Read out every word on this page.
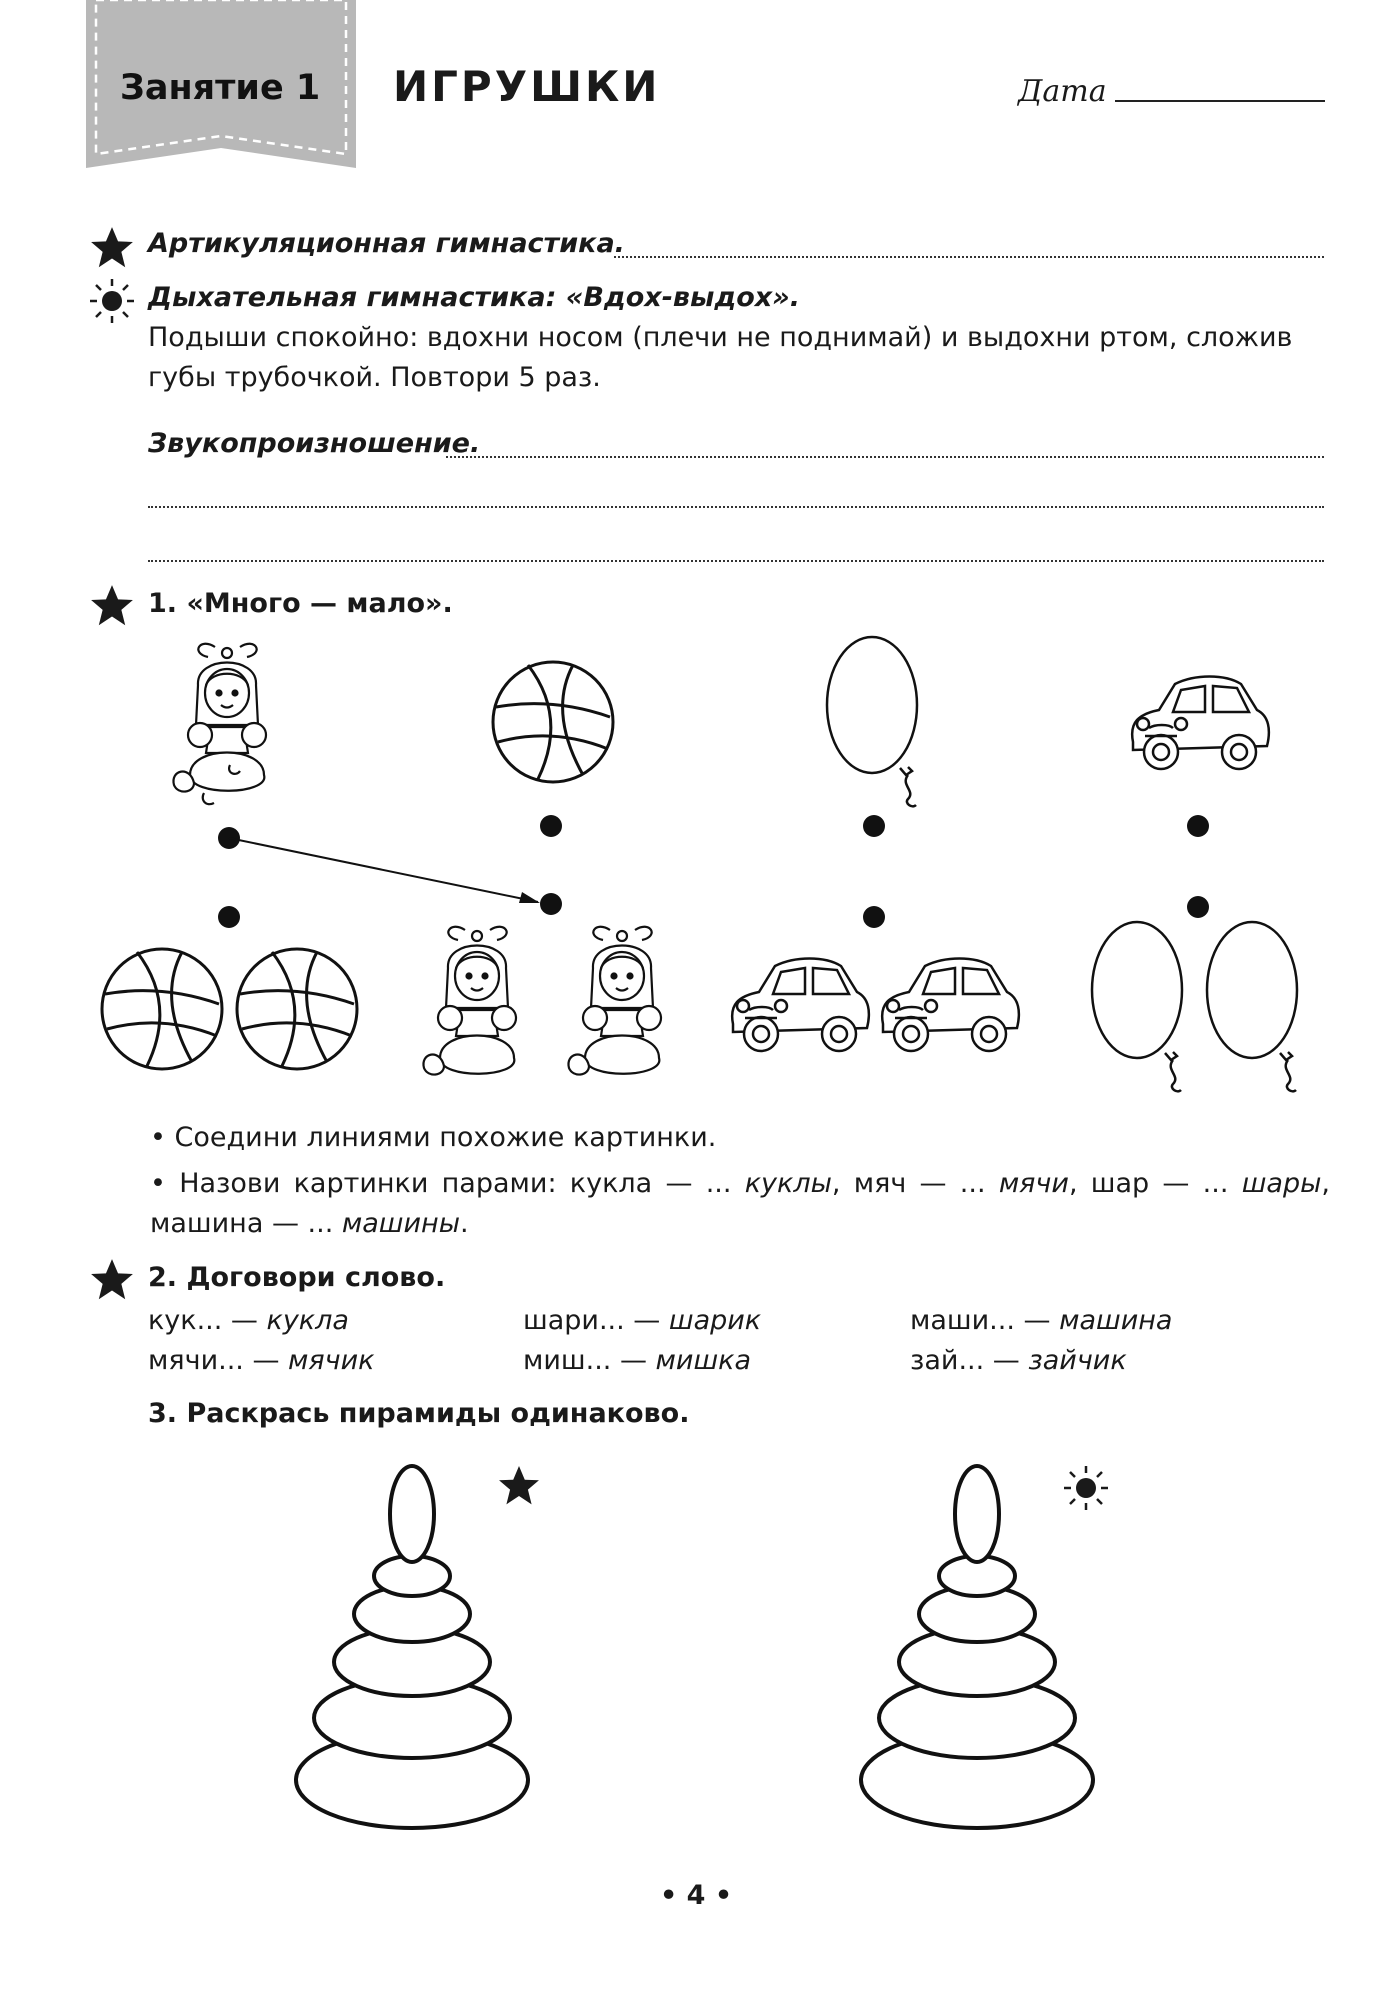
Занятие 1 ИГРУШКИ	Дата
Артикуляционная гимнастика.
Дыхательная гимнастика: «Вдох-выдох».
Подыши спокойно: вдохни носом (плечи не поднимай) и выдохни ртом, сложив губы трубочкой. Повтори 5 раз.
Звукопроизношение.
1. «Много — мало».
• Соедини линиями похожие картинки.
• Назови картинки парами: кукла — ... куклы, мяч — ... мячи, шар — ... шары, машина — ... машины.
2. Договори слово.
кук... — кукла	шари... — шарик	маши... — машина
мячи... — мячик	миш... — мишка	зай... — зайчик
3. Раскрась пирамиды одинаково.
• 4 •
